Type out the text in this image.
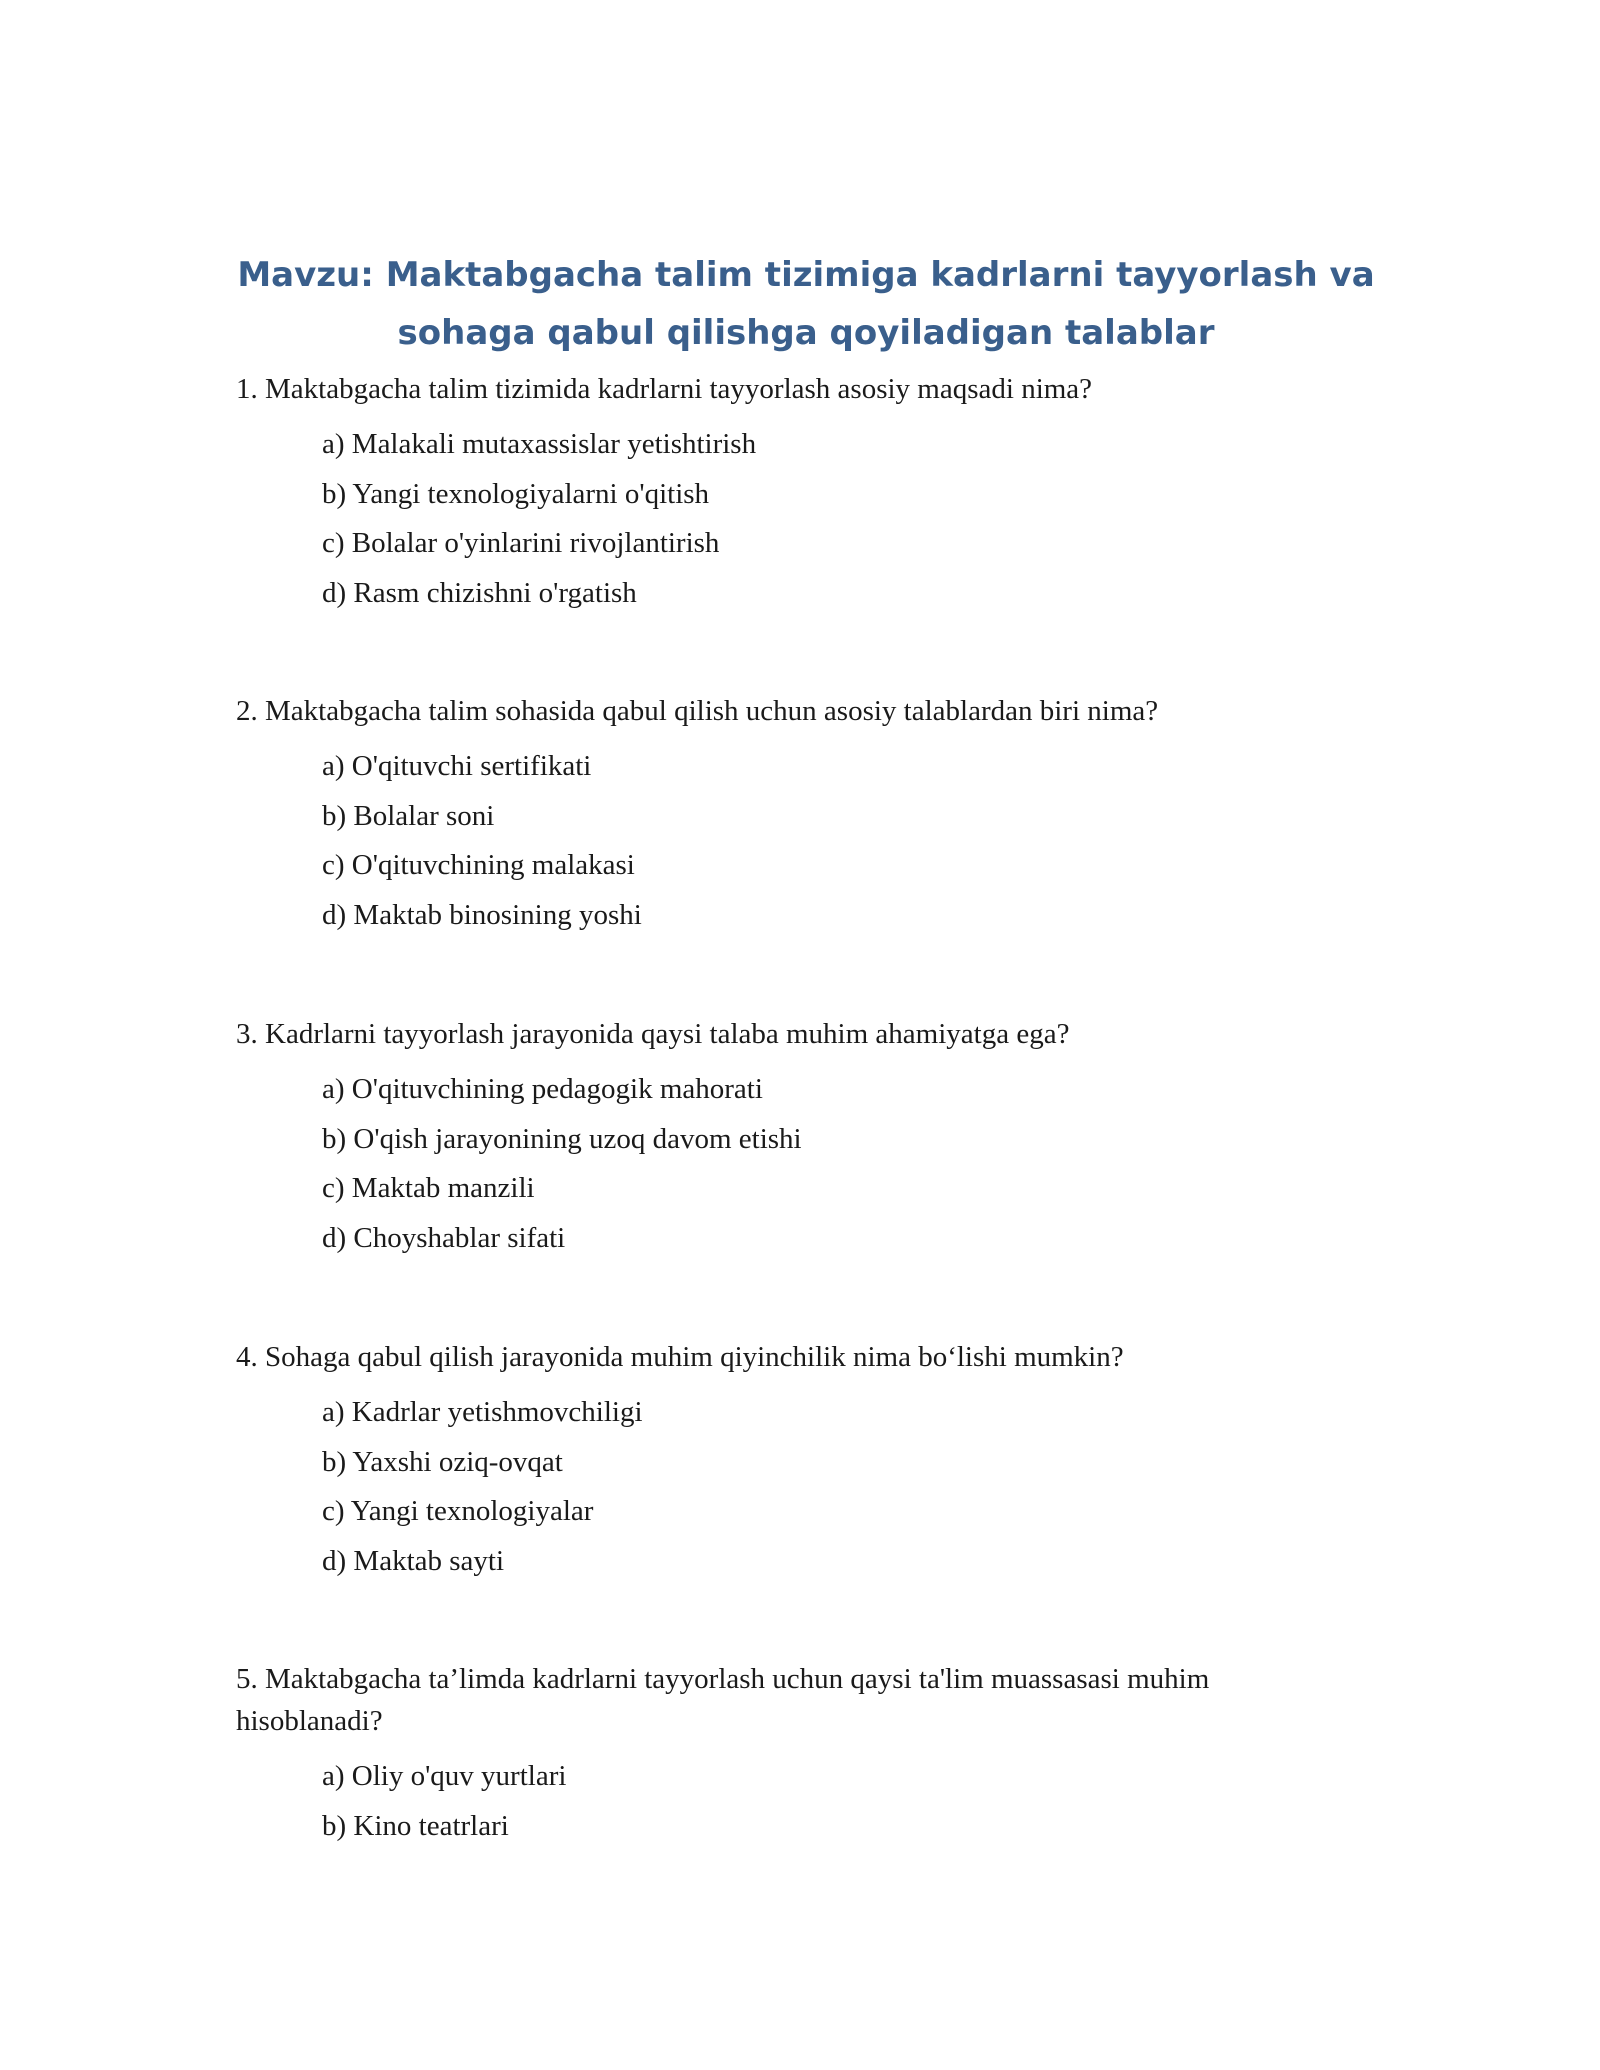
Mavzu: Maktabgacha talim tizimiga kadrlarni tayyorlash va
sohaga qabul qilishga qoyiladigan talablar

1. Maktabgacha talim tizimida kadrlarni tayyorlash asosiy maqsadi nima?

a) Malakali mutaxassislar yetishtirish
b) Yangi texnologiyalarni o'qitish
c) Bolalar o'yinlarini rivojlantirish
d) Rasm chizishni o'rgatish

2. Maktabgacha talim sohasida qabul qilish uchun asosiy talablardan biri nima?

a) O'qituvchi sertifikati
b) Bolalar soni
c) O'qituvchining malakasi
d) Maktab binosining yoshi

3. Kadrlarni tayyorlash jarayonida qaysi talaba muhim ahamiyatga ega?

a) O'qituvchining pedagogik mahorati
b) O'qish jarayonining uzoq davom etishi
c) Maktab manzili
d) Choyshablar sifati

4. Sohaga qabul qilish jarayonida muhim qiyinchilik nima bo‘lishi mumkin?

a) Kadrlar yetishmovchiligi
b) Yaxshi oziq-ovqat
c) Yangi texnologiyalar
d) Maktab sayti

5. Maktabgacha ta’limda kadrlarni tayyorlash uchun qaysi ta'lim muassasasi muhim hisoblanadi?

a) Oliy o'quv yurtlari
b) Kino teatrlari
